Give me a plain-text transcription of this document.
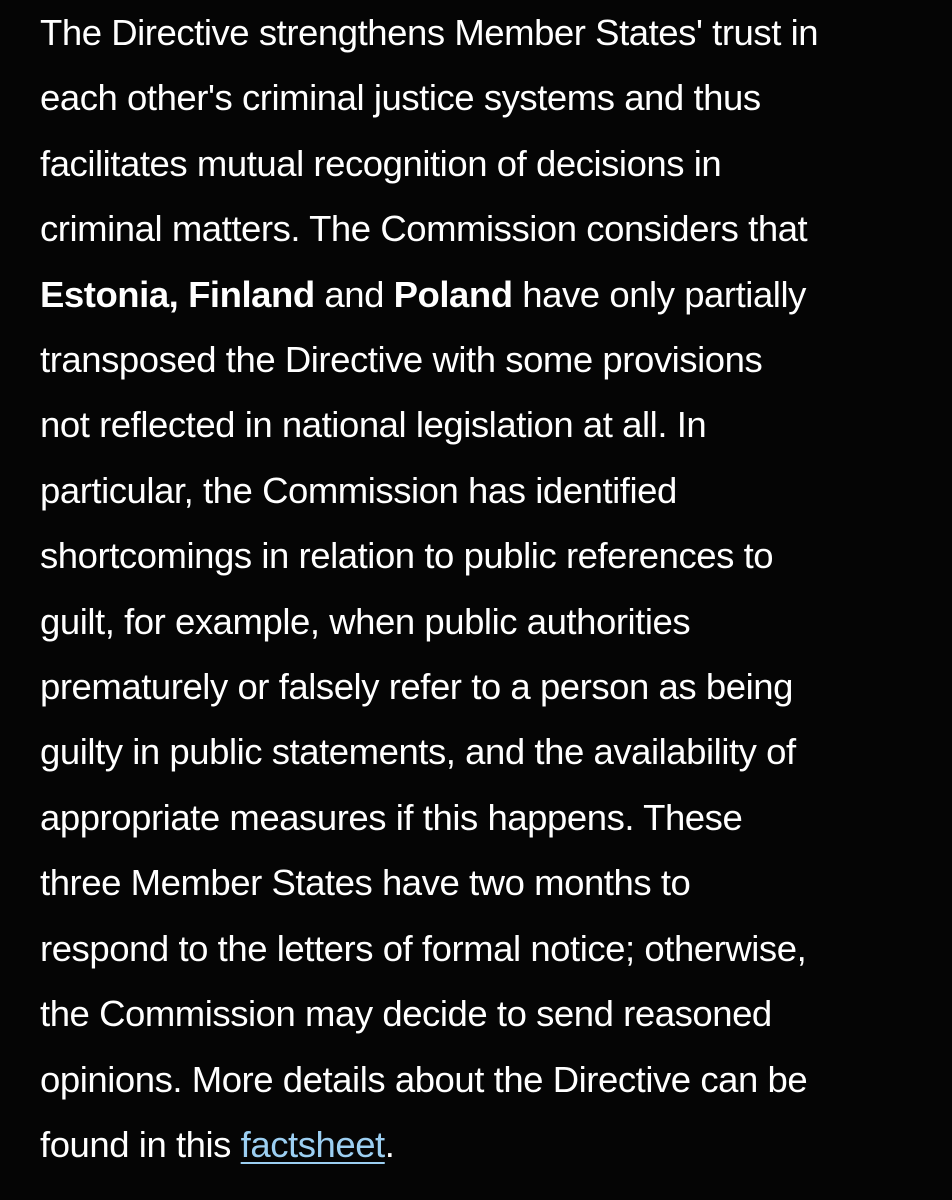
The Directive strengthens Member States' trust in
each other's criminal justice systems and thus
facilitates mutual recognition of decisions in
criminal matters. The Commission considers that
Estonia, Finland and Poland have only partially
transposed the Directive with some provisions
not reflected in national legislation at all. In
particular, the Commission has identified
shortcomings in relation to public references to
guilt, for example, when public authorities
prematurely or falsely refer to a person as being
guilty in public statements, and the availability of
appropriate measures if this happens. These
three Member States have two months to
respond to the letters of formal notice; otherwise,
the Commission may decide to send reasoned
opinions. More details about the Directive can be
found in this factsheet.
